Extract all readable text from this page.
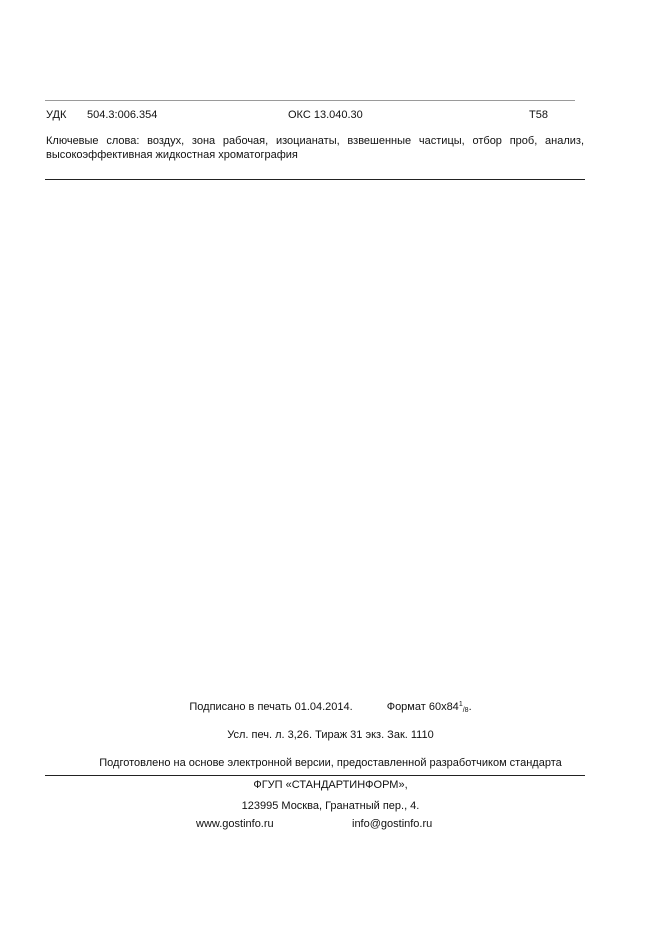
УДК 504.3:006.354	ОКС 13.040.30	Т58
Ключевые слова: воздух, зона рабочая, изоцианаты, взвешенные частицы, отбор проб, анализ,
высокоэффективная жидкостная хроматография
Подписано в печать 01.04.2014.	Формат $60x84^1_{/8}$.
Усл. печ. л. 3,26. Тираж 31 экз. Зак. 1110
Подготовлено на основе электронной версии, предоставленной разработчиком стандарта
ФГУП «СТАНДАРТИНФОРМ»,
123995 Москва, Гранатный пер., 4.
www.gostinfo.ru	info@gostinfo.ru
